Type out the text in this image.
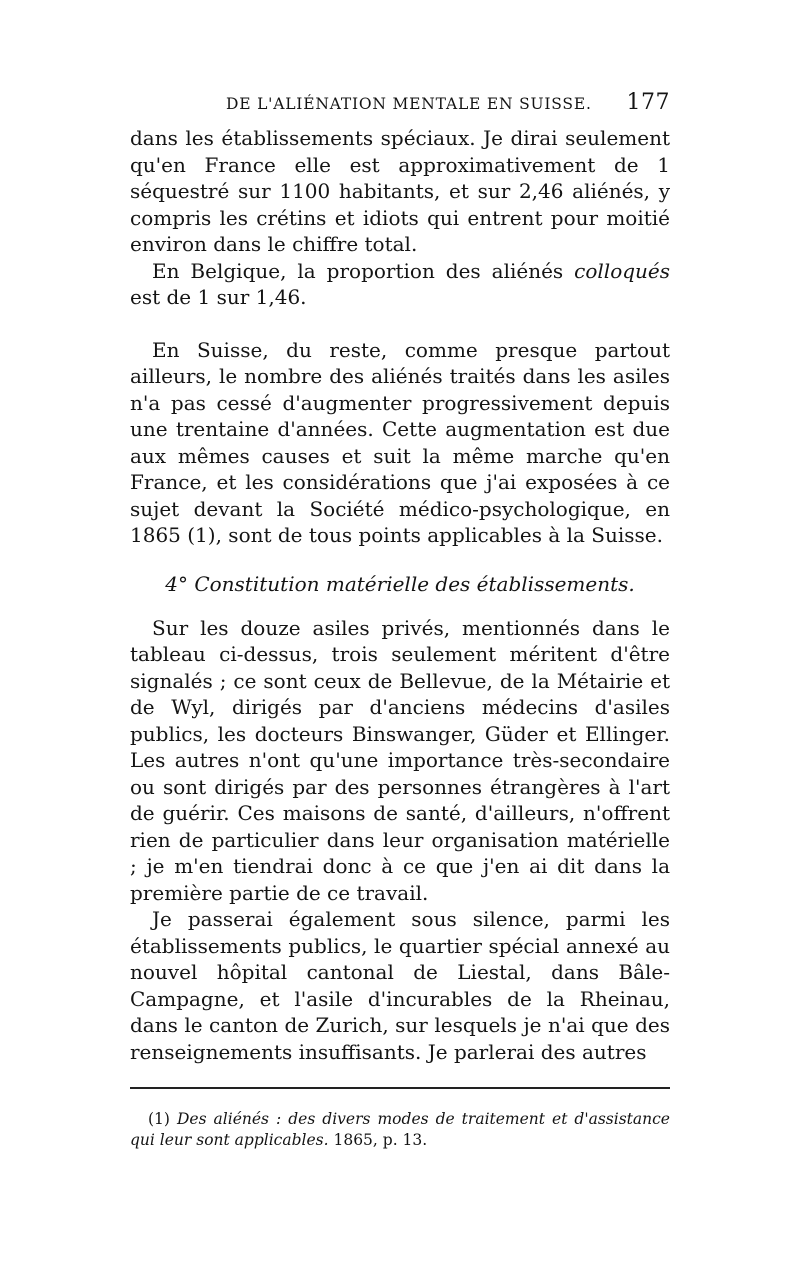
DE L'ALIÉNATION MENTALE EN SUISSE. 177

dans les établissements spéciaux. Je dirai seulement qu'en France elle est approximativement de 1 séquestré sur 1100 habitants, et sur 2,46 aliénés, y compris les crétins et idiots qui entrent pour moitié environ dans le chiffre total.

En Belgique, la proportion des aliénés colloqués est de 1 sur 1,46.

En Suisse, du reste, comme presque partout ailleurs, le nombre des aliénés traités dans les asiles n'a pas cessé d'augmenter progressivement depuis une trentaine d'années. Cette augmentation est due aux mêmes causes et suit la même marche qu'en France, et les considérations que j'ai exposées à ce sujet devant la Société médico-psychologique, en 1865 (1), sont de tous points applicables à la Suisse.

4° Constitution matérielle des établissements.

Sur les douze asiles privés, mentionnés dans le tableau ci-dessus, trois seulement méritent d'être signalés ; ce sont ceux de Bellevue, de la Métairie et de Wyl, dirigés par d'anciens médecins d'asiles publics, les docteurs Binswanger, Güder et Ellinger. Les autres n'ont qu'une importance très-secondaire ou sont dirigés par des personnes étrangères à l'art de guérir. Ces maisons de santé, d'ailleurs, n'offrent rien de particulier dans leur organisation matérielle ; je m'en tiendrai donc à ce que j'en ai dit dans la première partie de ce travail.

Je passerai également sous silence, parmi les établissements publics, le quartier spécial annexé au nouvel hôpital cantonal de Liestal, dans Bâle-Campagne, et l'asile d'incurables de la Rheinau, dans le canton de Zurich, sur lesquels je n'ai que des renseignements insuffisants. Je parlerai des autres

(1) Des aliénés : des divers modes de traitement et d'assistance qui leur sont applicables. 1865, p. 13.
